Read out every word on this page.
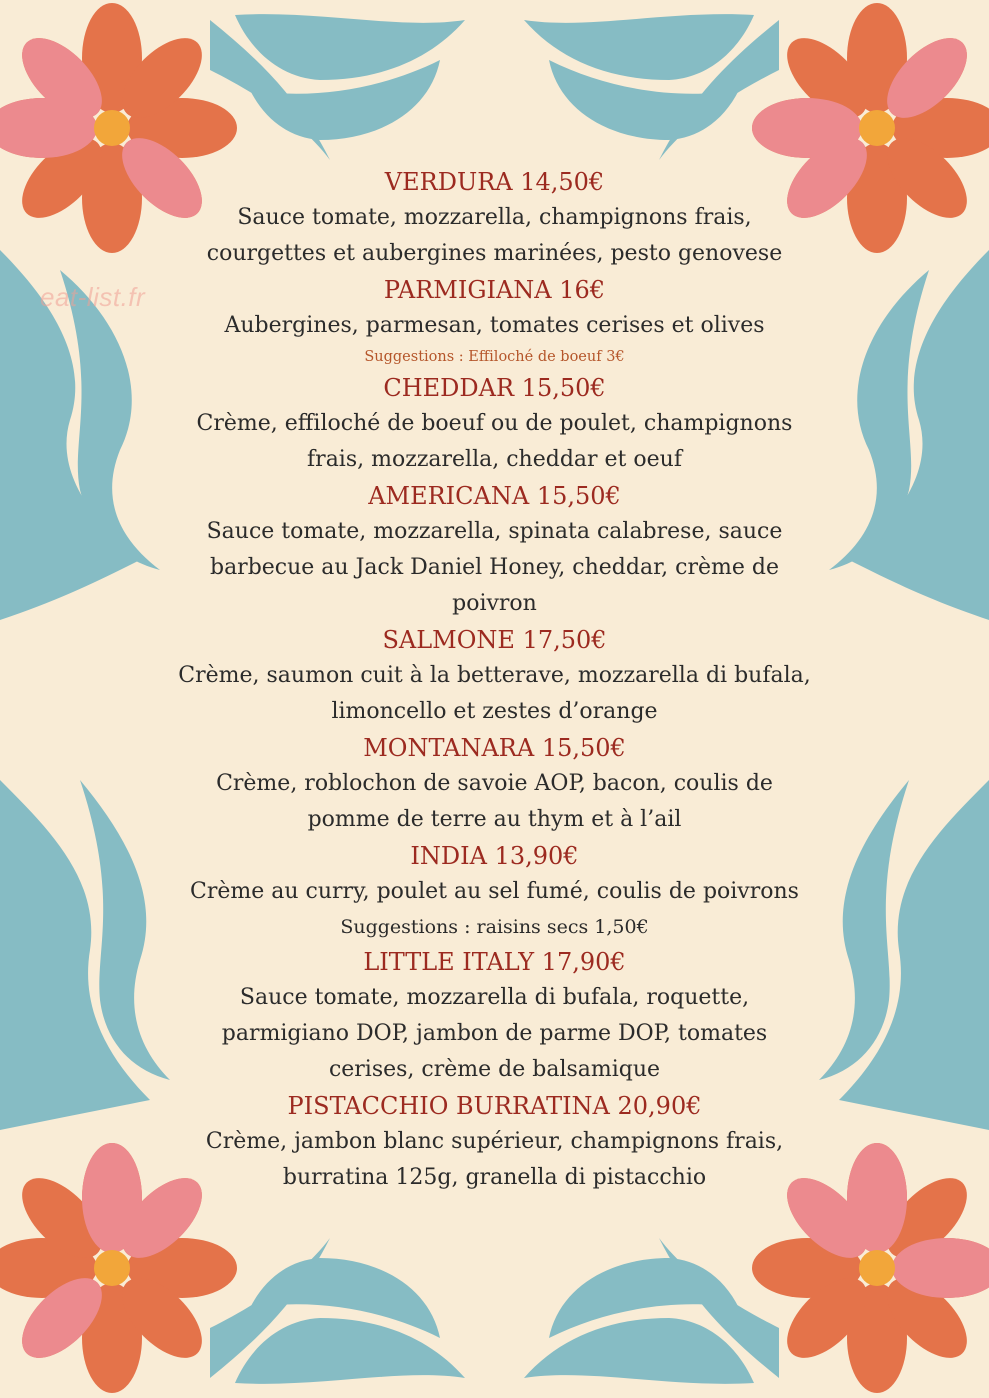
eat-list.fr
VERDURA 14,50€
Sauce tomate, mozzarella, champignons frais,
courgettes et aubergines marinées, pesto genovese
PARMIGIANA 16€
Aubergines, parmesan, tomates cerises et olives
Suggestions : Effiloché de boeuf 3€
CHEDDAR 15,50€
Crème, effiloché de boeuf ou de poulet, champignons
frais, mozzarella, cheddar et oeuf
AMERICANA 15,50€
Sauce tomate, mozzarella, spinata calabrese, sauce
barbecue au Jack Daniel Honey, cheddar, crème de
poivron
SALMONE 17,50€
Crème, saumon cuit à la betterave, mozzarella di bufala,
limoncello et zestes d’orange
MONTANARA 15,50€
Crème, roblochon de savoie AOP, bacon, coulis de
pomme de terre au thym et à l’ail
INDIA 13,90€
Crème au curry, poulet au sel fumé, coulis de poivrons
Suggestions : raisins secs 1,50€
LITTLE ITALY 17,90€
Sauce tomate, mozzarella di bufala, roquette,
parmigiano DOP, jambon de parme DOP, tomates
cerises, crème de balsamique
PISTACCHIO BURRATINA 20,90€
Crème, jambon blanc supérieur, champignons frais,
burratina 125g, granella di pistacchio
